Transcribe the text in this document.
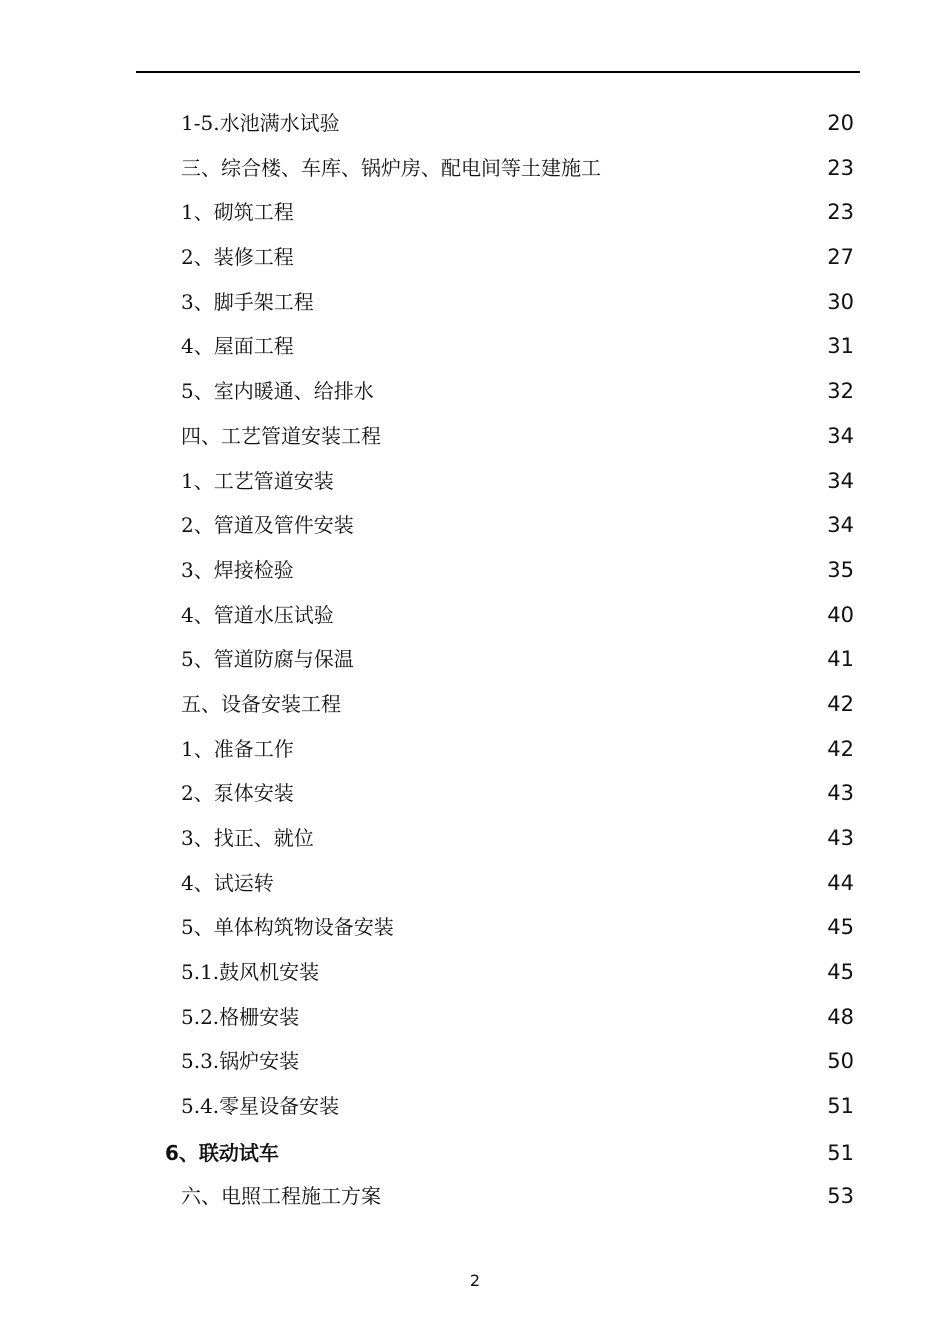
1-5.水池满水试验	20
三、综合楼、车库、锅炉房、配电间等土建施工	23
1、砌筑工程	23
2、装修工程	27
3、脚手架工程	30
4、屋面工程	31
5、室内暖通、给排水	32
四、工艺管道安装工程	34
1、工艺管道安装	34
2、管道及管件安装	34
3、焊接检验	35
4、管道水压试验	40
5、管道防腐与保温	41
五、设备安装工程	42
1、准备工作	42
2、泵体安装	43
3、找正、就位	43
4、试运转	44
5、单体构筑物设备安装	45
5.1.鼓风机安装	45
5.2.格栅安装	48
5.3.锅炉安装	50
5.4.零星设备安装	51
6、联动试车	51
六、电照工程施工方案	53
2
